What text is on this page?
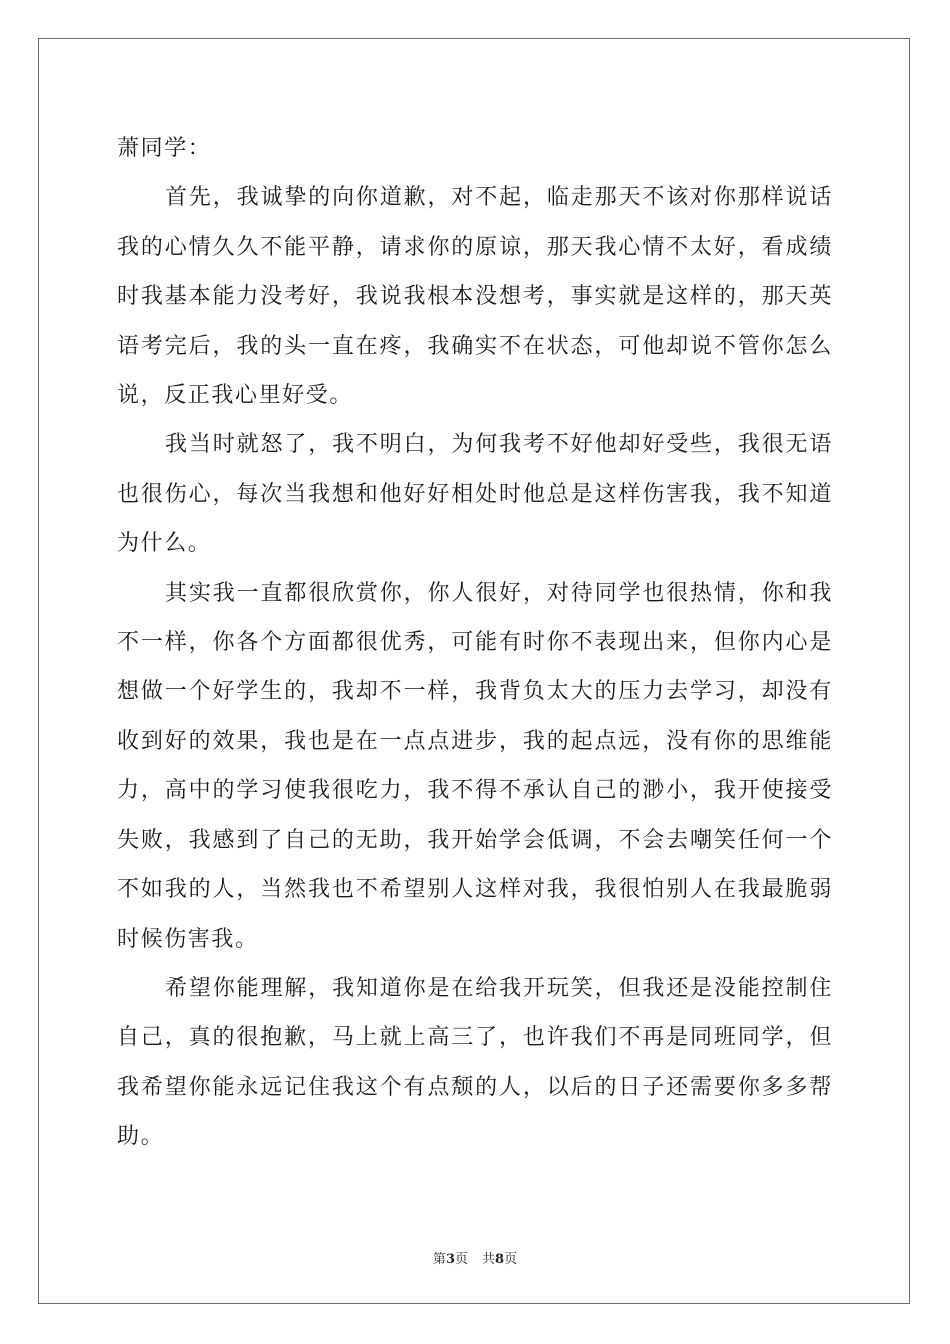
萧同学：

首先，我诚挚的向你道歉，对不起，临走那天不该对你那样说话我的心情久久不能平静，请求你的原谅，那天我心情不太好，看成绩时我基本能力没考好，我说我根本没想考，事实就是这样的，那天英语考完后，我的头一直在疼，我确实不在状态，可他却说不管你怎么说，反正我心里好受。

我当时就怒了，我不明白，为何我考不好他却好受些，我很无语也很伤心，每次当我想和他好好相处时他总是这样伤害我，我不知道为什么。

其实我一直都很欣赏你，你人很好，对待同学也很热情，你和我不一样，你各个方面都很优秀，可能有时你不表现出来，但你内心是想做一个好学生的，我却不一样，我背负太大的压力去学习，却没有收到好的效果，我也是在一点点进步，我的起点远，没有你的思维能力，高中的学习使我很吃力，我不得不承认自己的渺小，我开使接受失败，我感到了自己的无助，我开始学会低调，不会去嘲笑任何一个不如我的人，当然我也不希望别人这样对我，我很怕别人在我最脆弱时候伤害我。

希望你能理解，我知道你是在给我开玩笑，但我还是没能控制住自己，真的很抱歉，马上就上高三了，也许我们不再是同班同学，但我希望你能永远记住我这个有点颓的人，以后的日子还需要你多多帮助。

第3页 共8页
